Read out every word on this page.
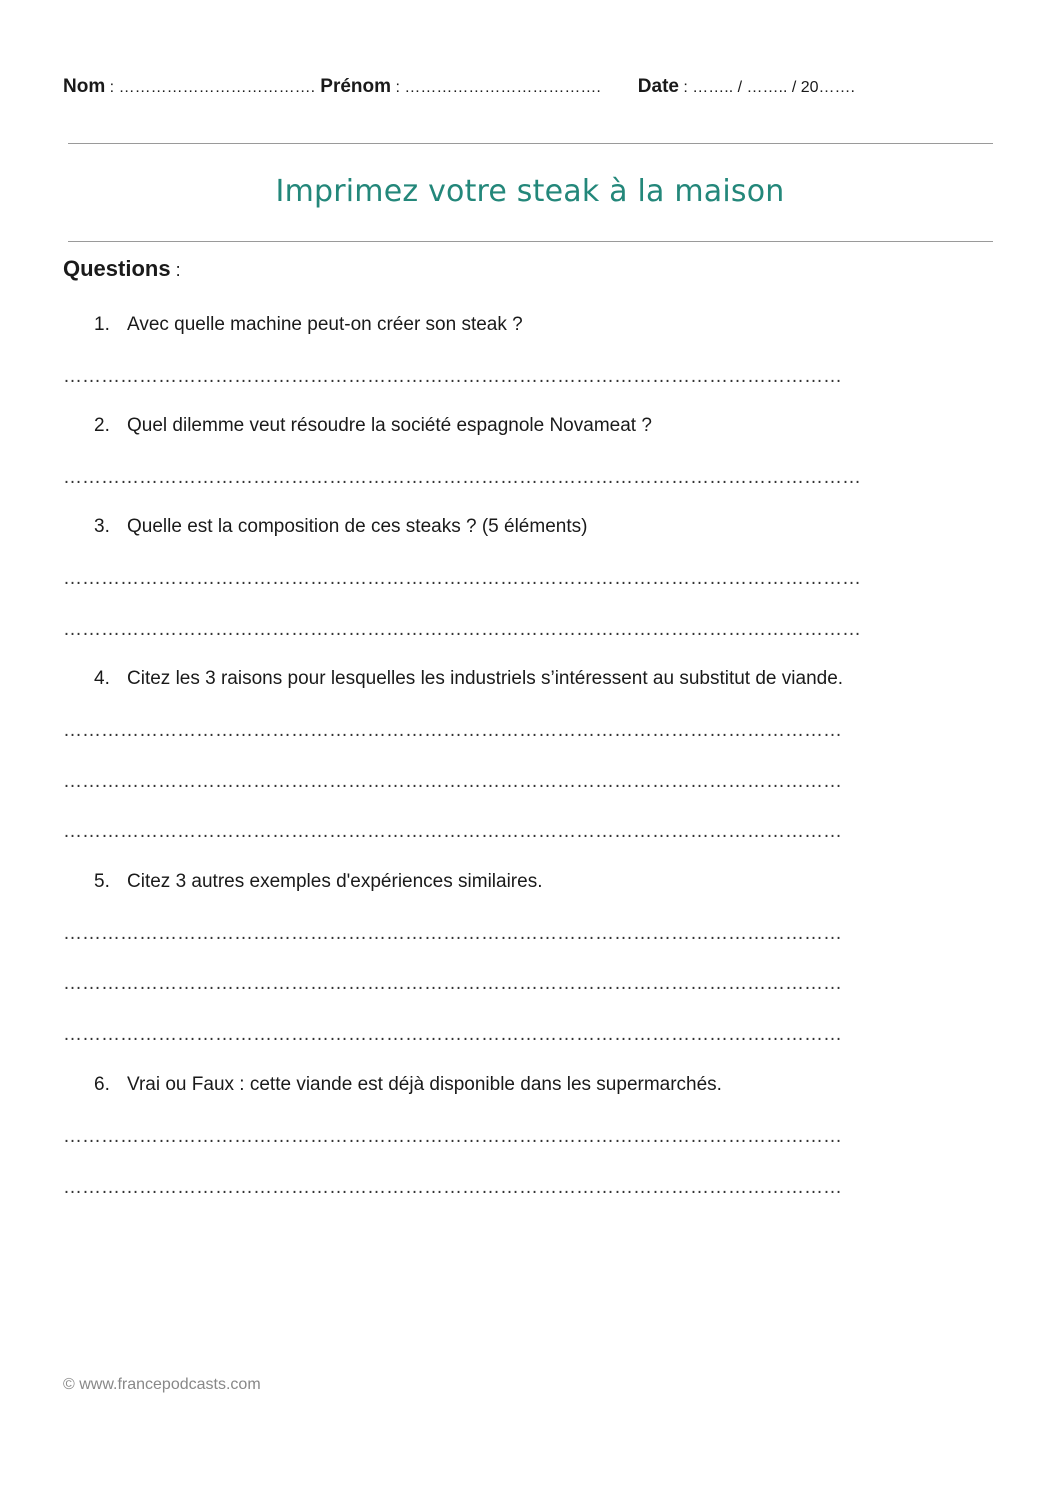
Nom : ………………………………. Prénom : ………………………………. Date : …….. / …….. / 20…….
Imprimez votre steak à la maison
Questions :
1. Avec quelle machine peut-on créer son steak ?
……………………………………………………………………………………………………………
2. Quel dilemme veut résoudre la société espagnole Novameat ?
………………………………………………………………………………………………………………
3. Quelle est la composition de ces steaks ? (5 éléments)
………………………………………………………………………………………………………………
………………………………………………………………………………………………………………
4. Citez les 3 raisons pour lesquelles les industriels s’intéressent au substitut de viande.
……………………………………………………………………………………………………………
……………………………………………………………………………………………………………
……………………………………………………………………………………………………………
5. Citez 3 autres exemples d'expériences similaires.
……………………………………………………………………………………………………………
……………………………………………………………………………………………………………
……………………………………………………………………………………………………………
6. Vrai ou Faux : cette viande est déjà disponible dans les supermarchés.
……………………………………………………………………………………………………………
……………………………………………………………………………………………………………
© www.francepodcasts.com
